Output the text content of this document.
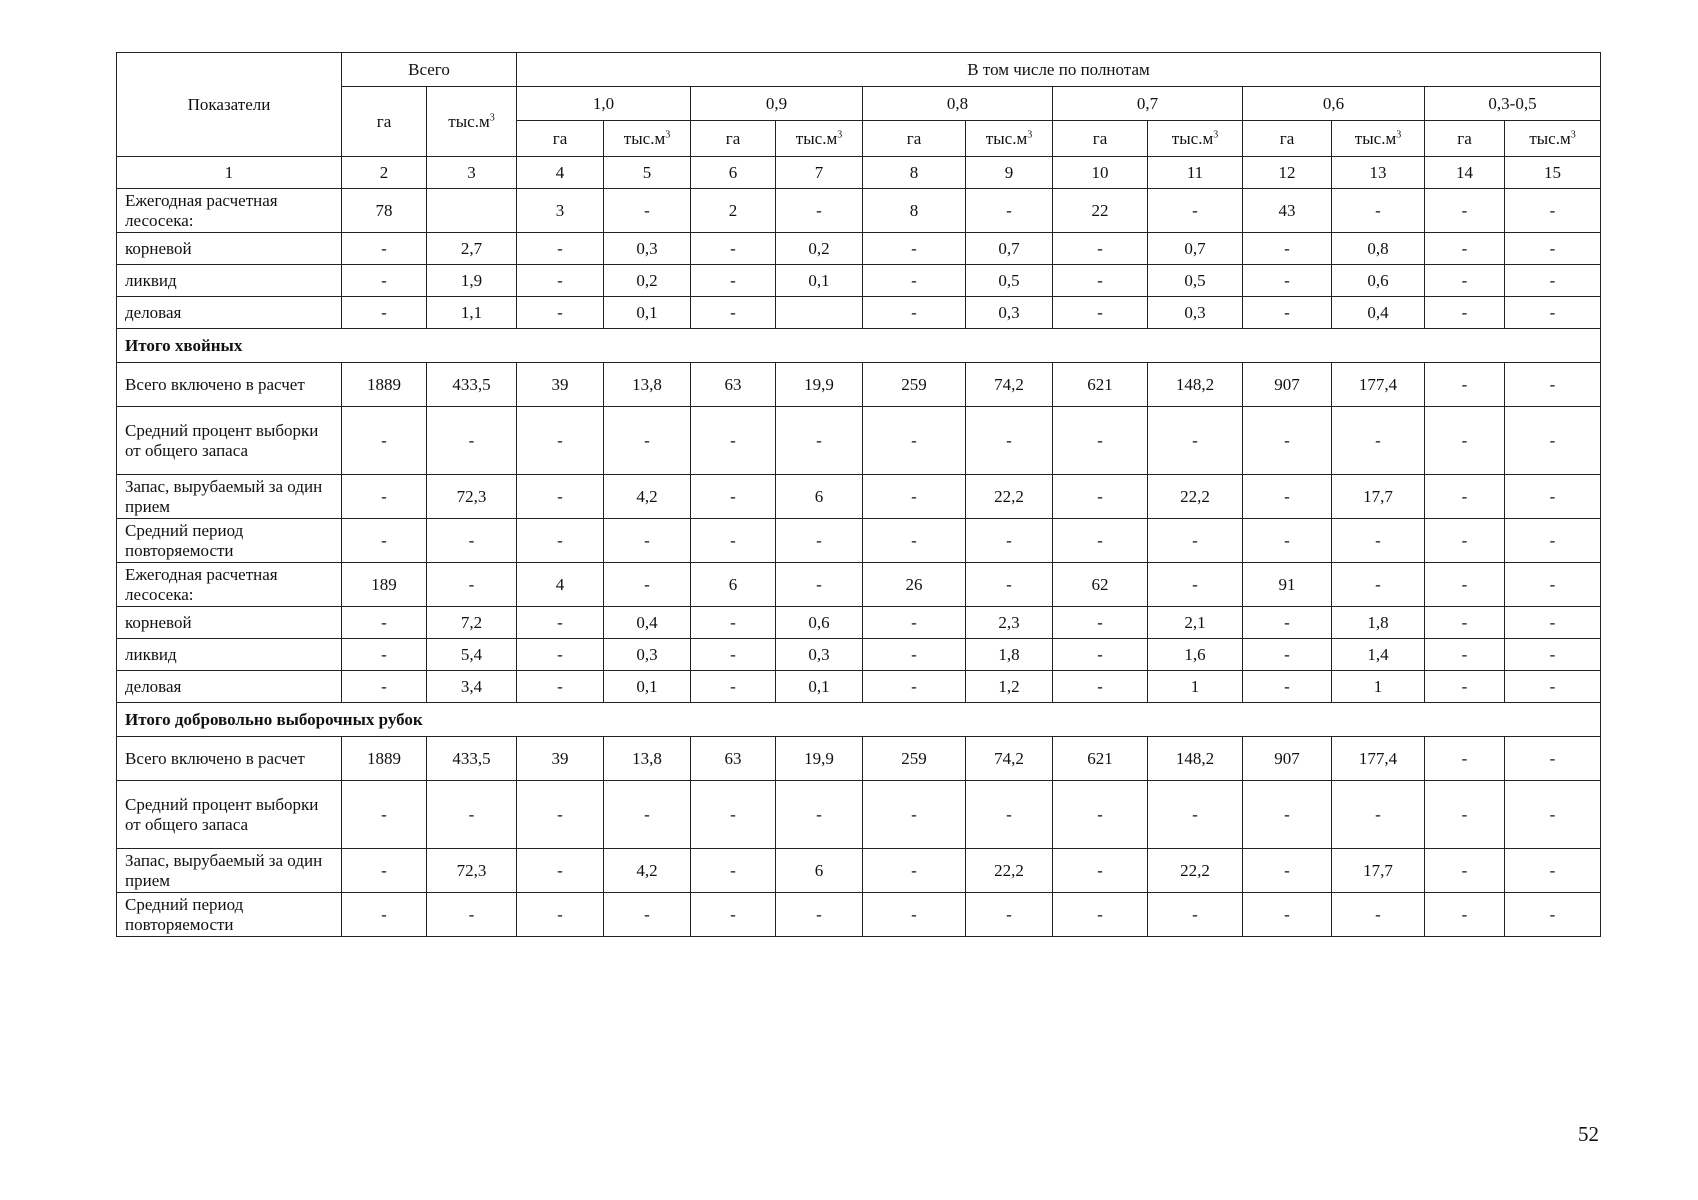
Показатели	Всего		В том числе по полнотам											
	га	$тыс.м^3$	1,0		0,9		0,8		0,7		0,6		0,3-0,5	
			га	$тыс.м^3$	га	$тыс.м^3$	га	$тыс.м^3$	га	$тыс.м^3$	га	$тыс.м^3$	га	$тыс.м^3$
1	2	3	4	5	6	7	8	9	10	11	12	13	14	15
Ежегодная расчетная лесосека:	78		3	-	2	-	8	-	22	-	43	-	-	-
корневой	-	2,7	-	0,3	-	0,2	-	0,7	-	0,7	-	0,8	-	-
ликвид	-	1,9	-	0,2	-	0,1	-	0,5	-	0,5	-	0,6	-	-
деловая	-	1,1	-	0,1	-		-	0,3	-	0,3	-	0,4	-	-
Итого хвойных														
Всего включено в расчет	1889	433,5	39	13,8	63	19,9	259	74,2	621	148,2	907	177,4	-	-
Средний процент выборки от общего запаса	-	-	-	-	-	-	-	-	-	-	-	-	-	-
Запас, вырубаемый за один прием	-	72,3	-	4,2	-	6	-	22,2	-	22,2	-	17,7	-	-
Средний период повторяемости	-	-	-	-	-	-	-	-	-	-	-	-	-	-
Ежегодная расчетная лесосека:	189	-	4	-	6	-	26	-	62	-	91	-	-	-
корневой	-	7,2	-	0,4	-	0,6	-	2,3	-	2,1	-	1,8	-	-
ликвид	-	5,4	-	0,3	-	0,3	-	1,8	-	1,6	-	1,4	-	-
деловая	-	3,4	-	0,1	-	0,1	-	1,2	-	1	-	1	-	-
Итого добровольно выборочных рубок														
Всего включено в расчет	1889	433,5	39	13,8	63	19,9	259	74,2	621	148,2	907	177,4	-	-
Средний процент выборки от общего запаса	-	-	-	-	-	-	-	-	-	-	-	-	-	-
Запас, вырубаемый за один прием	-	72,3	-	4,2	-	6	-	22,2	-	22,2	-	17,7	-	-
Средний период повторяемости	-	-	-	-	-	-	-	-	-	-	-	-	-	-
52
